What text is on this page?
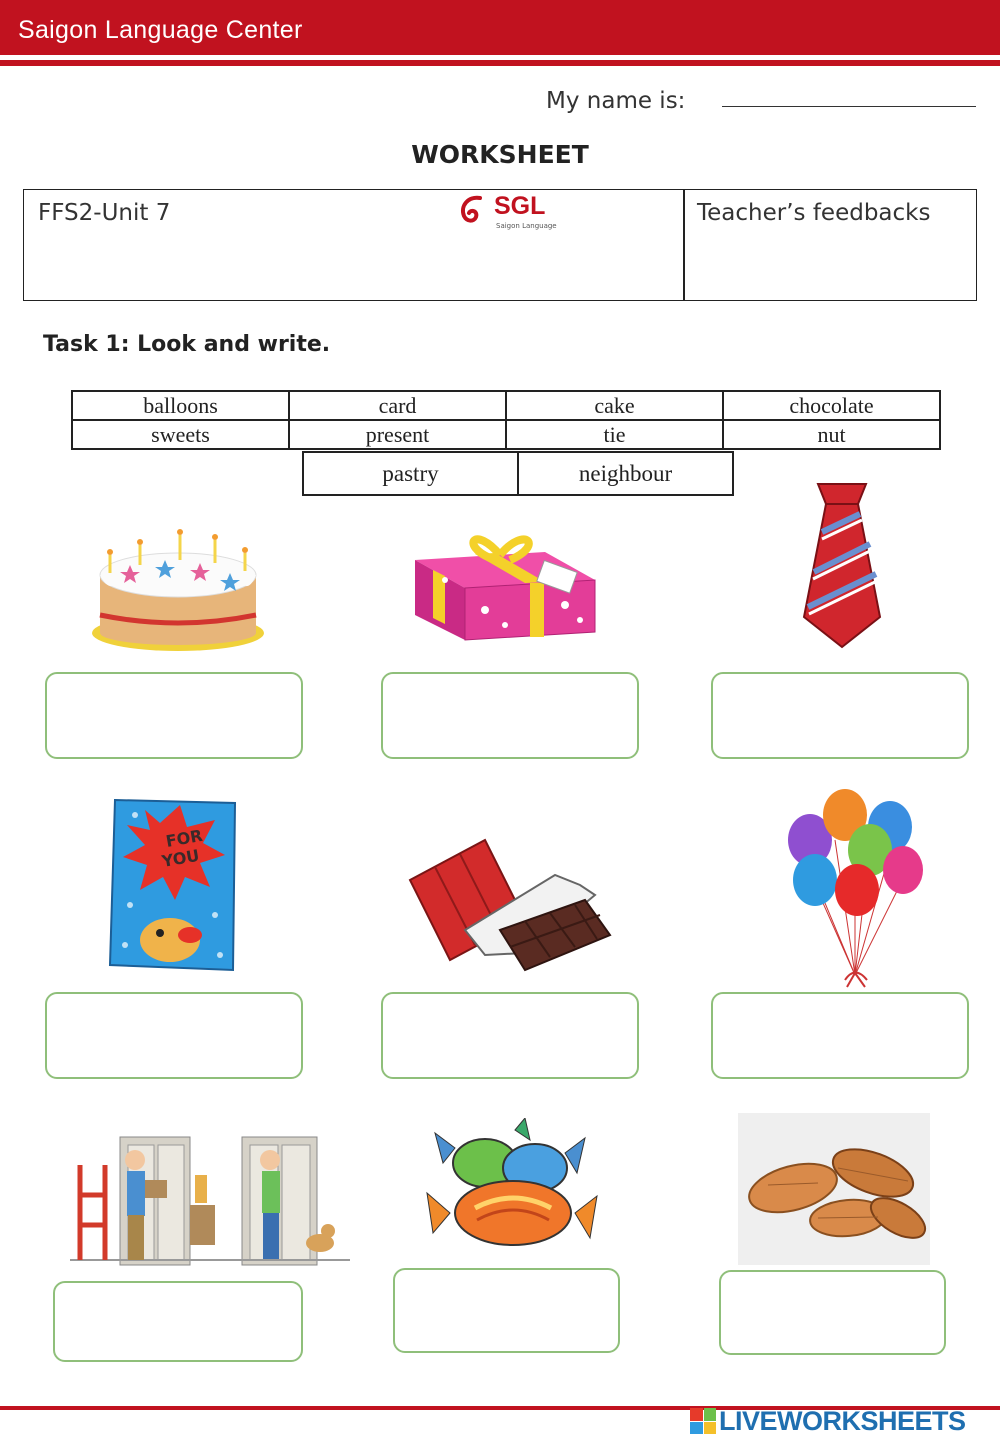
Saigon Language Center
My name is:
WORKSHEET
FFS2-Unit 7	SGL
Saigon Language	Teacher’s feedbacks
Task 1: Look and write.
balloons	card	cake	chocolate
sweets	present	tie	nut
pastry	neighbour
FOR
YOU
LIVEWORKSHEETS
